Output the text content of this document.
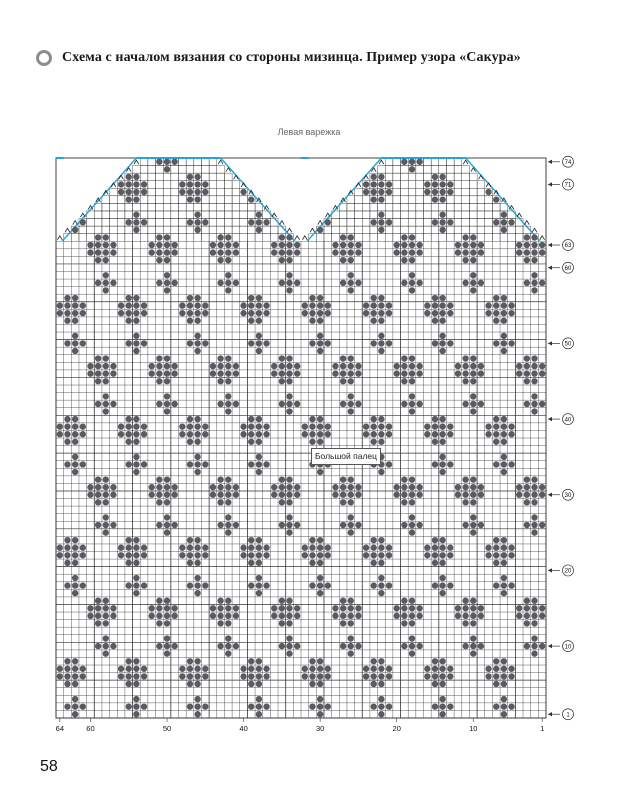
Схема с началом вязания со стороны мизинца. Пример узора «Сакура»
Левая варежка
74
71
63
60
50
40
30
20
10
1
64	60	50	40	30	20	10	1
Большой палец
58
